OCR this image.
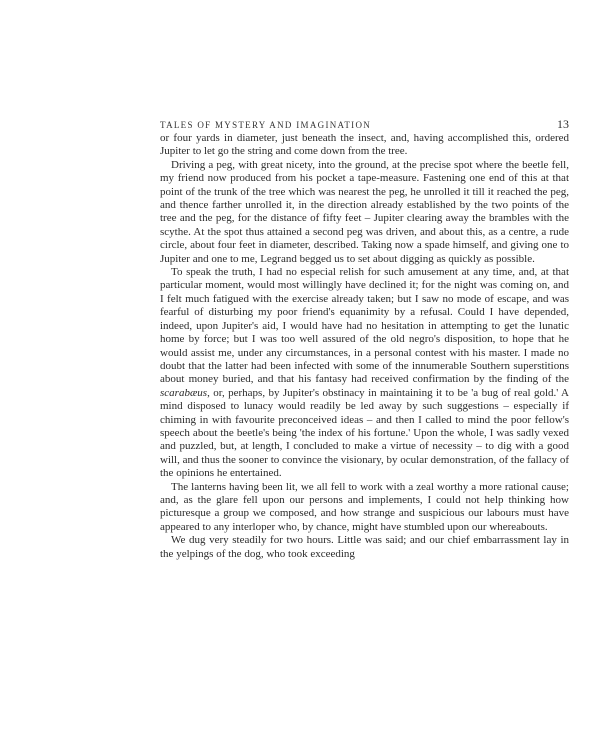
TALES OF MYSTERY AND IMAGINATION	13

or four yards in diameter, just beneath the insect, and, having accomplished this, ordered Jupiter to let go the string and come down from the tree.

Driving a peg, with great nicety, into the ground, at the precise spot where the beetle fell, my friend now produced from his pocket a tape-measure. Fastening one end of this at that point of the trunk of the tree which was nearest the peg, he unrolled it till it reached the peg, and thence farther unrolled it, in the direction already established by the two points of the tree and the peg, for the distance of fifty feet – Jupiter clearing away the brambles with the scythe. At the spot thus attained a second peg was driven, and about this, as a centre, a rude circle, about four feet in diameter, described. Taking now a spade himself, and giving one to Jupiter and one to me, Legrand begged us to set about digging as quickly as possible.

To speak the truth, I had no especial relish for such amusement at any time, and, at that particular moment, would most willingly have declined it; for the night was coming on, and I felt much fatigued with the exercise already taken; but I saw no mode of escape, and was fearful of disturbing my poor friend's equanimity by a refusal. Could I have depended, indeed, upon Jupiter's aid, I would have had no hesitation in attempting to get the lunatic home by force; but I was too well assured of the old negro's disposition, to hope that he would assist me, under any circumstances, in a personal contest with his master. I made no doubt that the latter had been infected with some of the innumerable Southern superstitions about money buried, and that his fantasy had received confirmation by the finding of the scarabæus, or, perhaps, by Jupiter's obstinacy in maintaining it to be 'a bug of real gold.' A mind disposed to lunacy would readily be led away by such suggestions – especially if chiming in with favourite preconceived ideas – and then I called to mind the poor fellow's speech about the beetle's being 'the index of his fortune.' Upon the whole, I was sadly vexed and puzzled, but, at length, I concluded to make a virtue of necessity – to dig with a good will, and thus the sooner to convince the visionary, by ocular demonstration, of the fallacy of the opinions he entertained.

The lanterns having been lit, we all fell to work with a zeal worthy a more rational cause; and, as the glare fell upon our persons and implements, I could not help thinking how picturesque a group we composed, and how strange and suspicious our labours must have appeared to any interloper who, by chance, might have stumbled upon our whereabouts.

We dug very steadily for two hours. Little was said; and our chief embarrassment lay in the yelpings of the dog, who took exceeding
